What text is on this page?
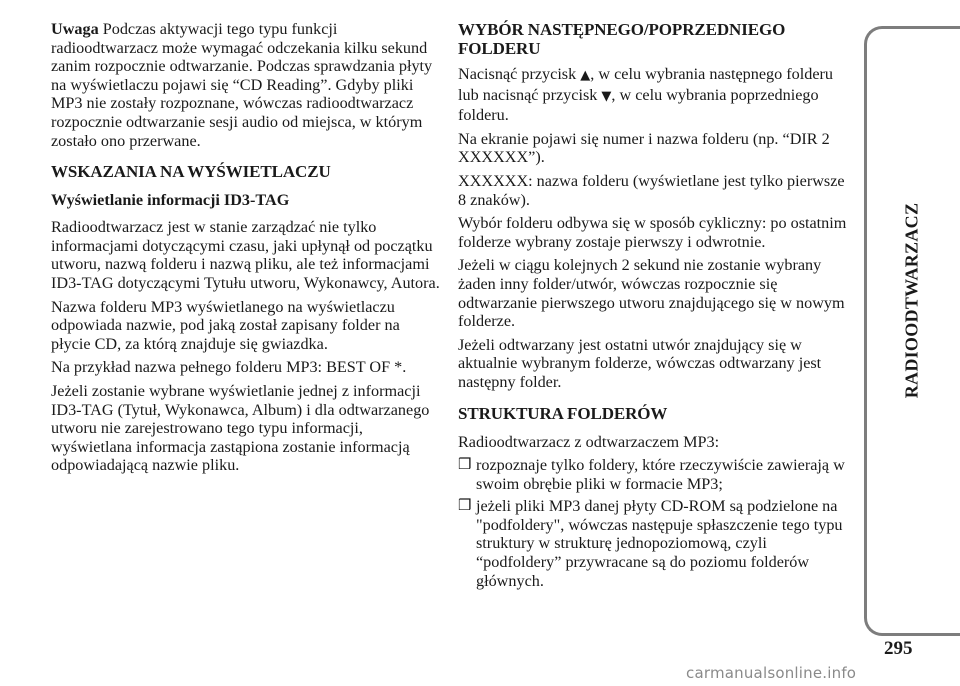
Uwaga Podczas aktywacji tego typu funkcji radioodtwarzacz może wymagać odczekania kilku sekund zanim rozpocznie odtwarzanie. Podczas sprawdzania płyty na wyświetlaczu pojawi się “CD Reading”. Gdyby pliki MP3 nie zostały rozpoznane, wówczas radioodtwarzacz rozpocznie odtwarzanie sesji audio od miejsca, w którym zostało ono przerwane.

WSKAZANIA NA WYŚWIETLACZU
Wyświetlanie informacji ID3-TAG

Radioodtwarzacz jest w stanie zarządzać nie tylko informacjami dotyczącymi czasu, jaki upłynął od początku utworu, nazwą folderu i nazwą pliku, ale też informacjami ID3-TAG dotyczącymi Tytułu utworu, Wykonawcy, Autora.

Nazwa folderu MP3 wyświetlanego na wyświetlaczu odpowiada nazwie, pod jaką został zapisany folder na płycie CD, za którą znajduje się gwiazdka.

Na przykład nazwa pełnego folderu MP3: BEST OF *.

Jeżeli zostanie wybrane wyświetlanie jednej z informacji ID3-TAG (Tytuł, Wykonawca, Album) i dla odtwarzanego utworu nie zarejestrowano tego typu informacji, wyświetlana informacja zastąpiona zostanie informacją odpowiadającą nazwie pliku.

WYBÓR NASTĘPNEGO/POPRZEDNIEGO
FOLDERU

Nacisnąć przycisk ▲, w celu wybrania następnego folderu lub nacisnąć przycisk ▼, w celu wybrania poprzedniego folderu.

Na ekranie pojawi się numer i nazwa folderu (np. “DIR 2 XXXXXX”).

XXXXXX: nazwa folderu (wyświetlane jest tylko pierwsze 8 znaków).

Wybór folderu odbywa się w sposób cykliczny: po ostatnim folderze wybrany zostaje pierwszy i odwrotnie.

Jeżeli w ciągu kolejnych 2 sekund nie zostanie wybrany żaden inny folder/utwór, wówczas rozpocznie się odtwarzanie pierwszego utworu znajdującego się w nowym folderze.

Jeżeli odtwarzany jest ostatni utwór znajdujący się w aktualnie wybranym folderze, wówczas odtwarzany jest następny folder.

STRUKTURA FOLDERÓW

Radioodtwarzacz z odtwarzaczem MP3:

❒ rozpoznaje tylko foldery, które rzeczywiście zawierają w swoim obrębie pliki w formacie MP3;
❒ jeżeli pliki MP3 danej płyty CD-ROM są podzielone na "podfoldery", wówczas następuje spłaszczenie tego typu struktury w strukturę jednopoziomową, czyli “podfoldery” przywracane są do poziomu folderów głównych.
RADIOODTWARZACZ
295
carmanualsonline.info
